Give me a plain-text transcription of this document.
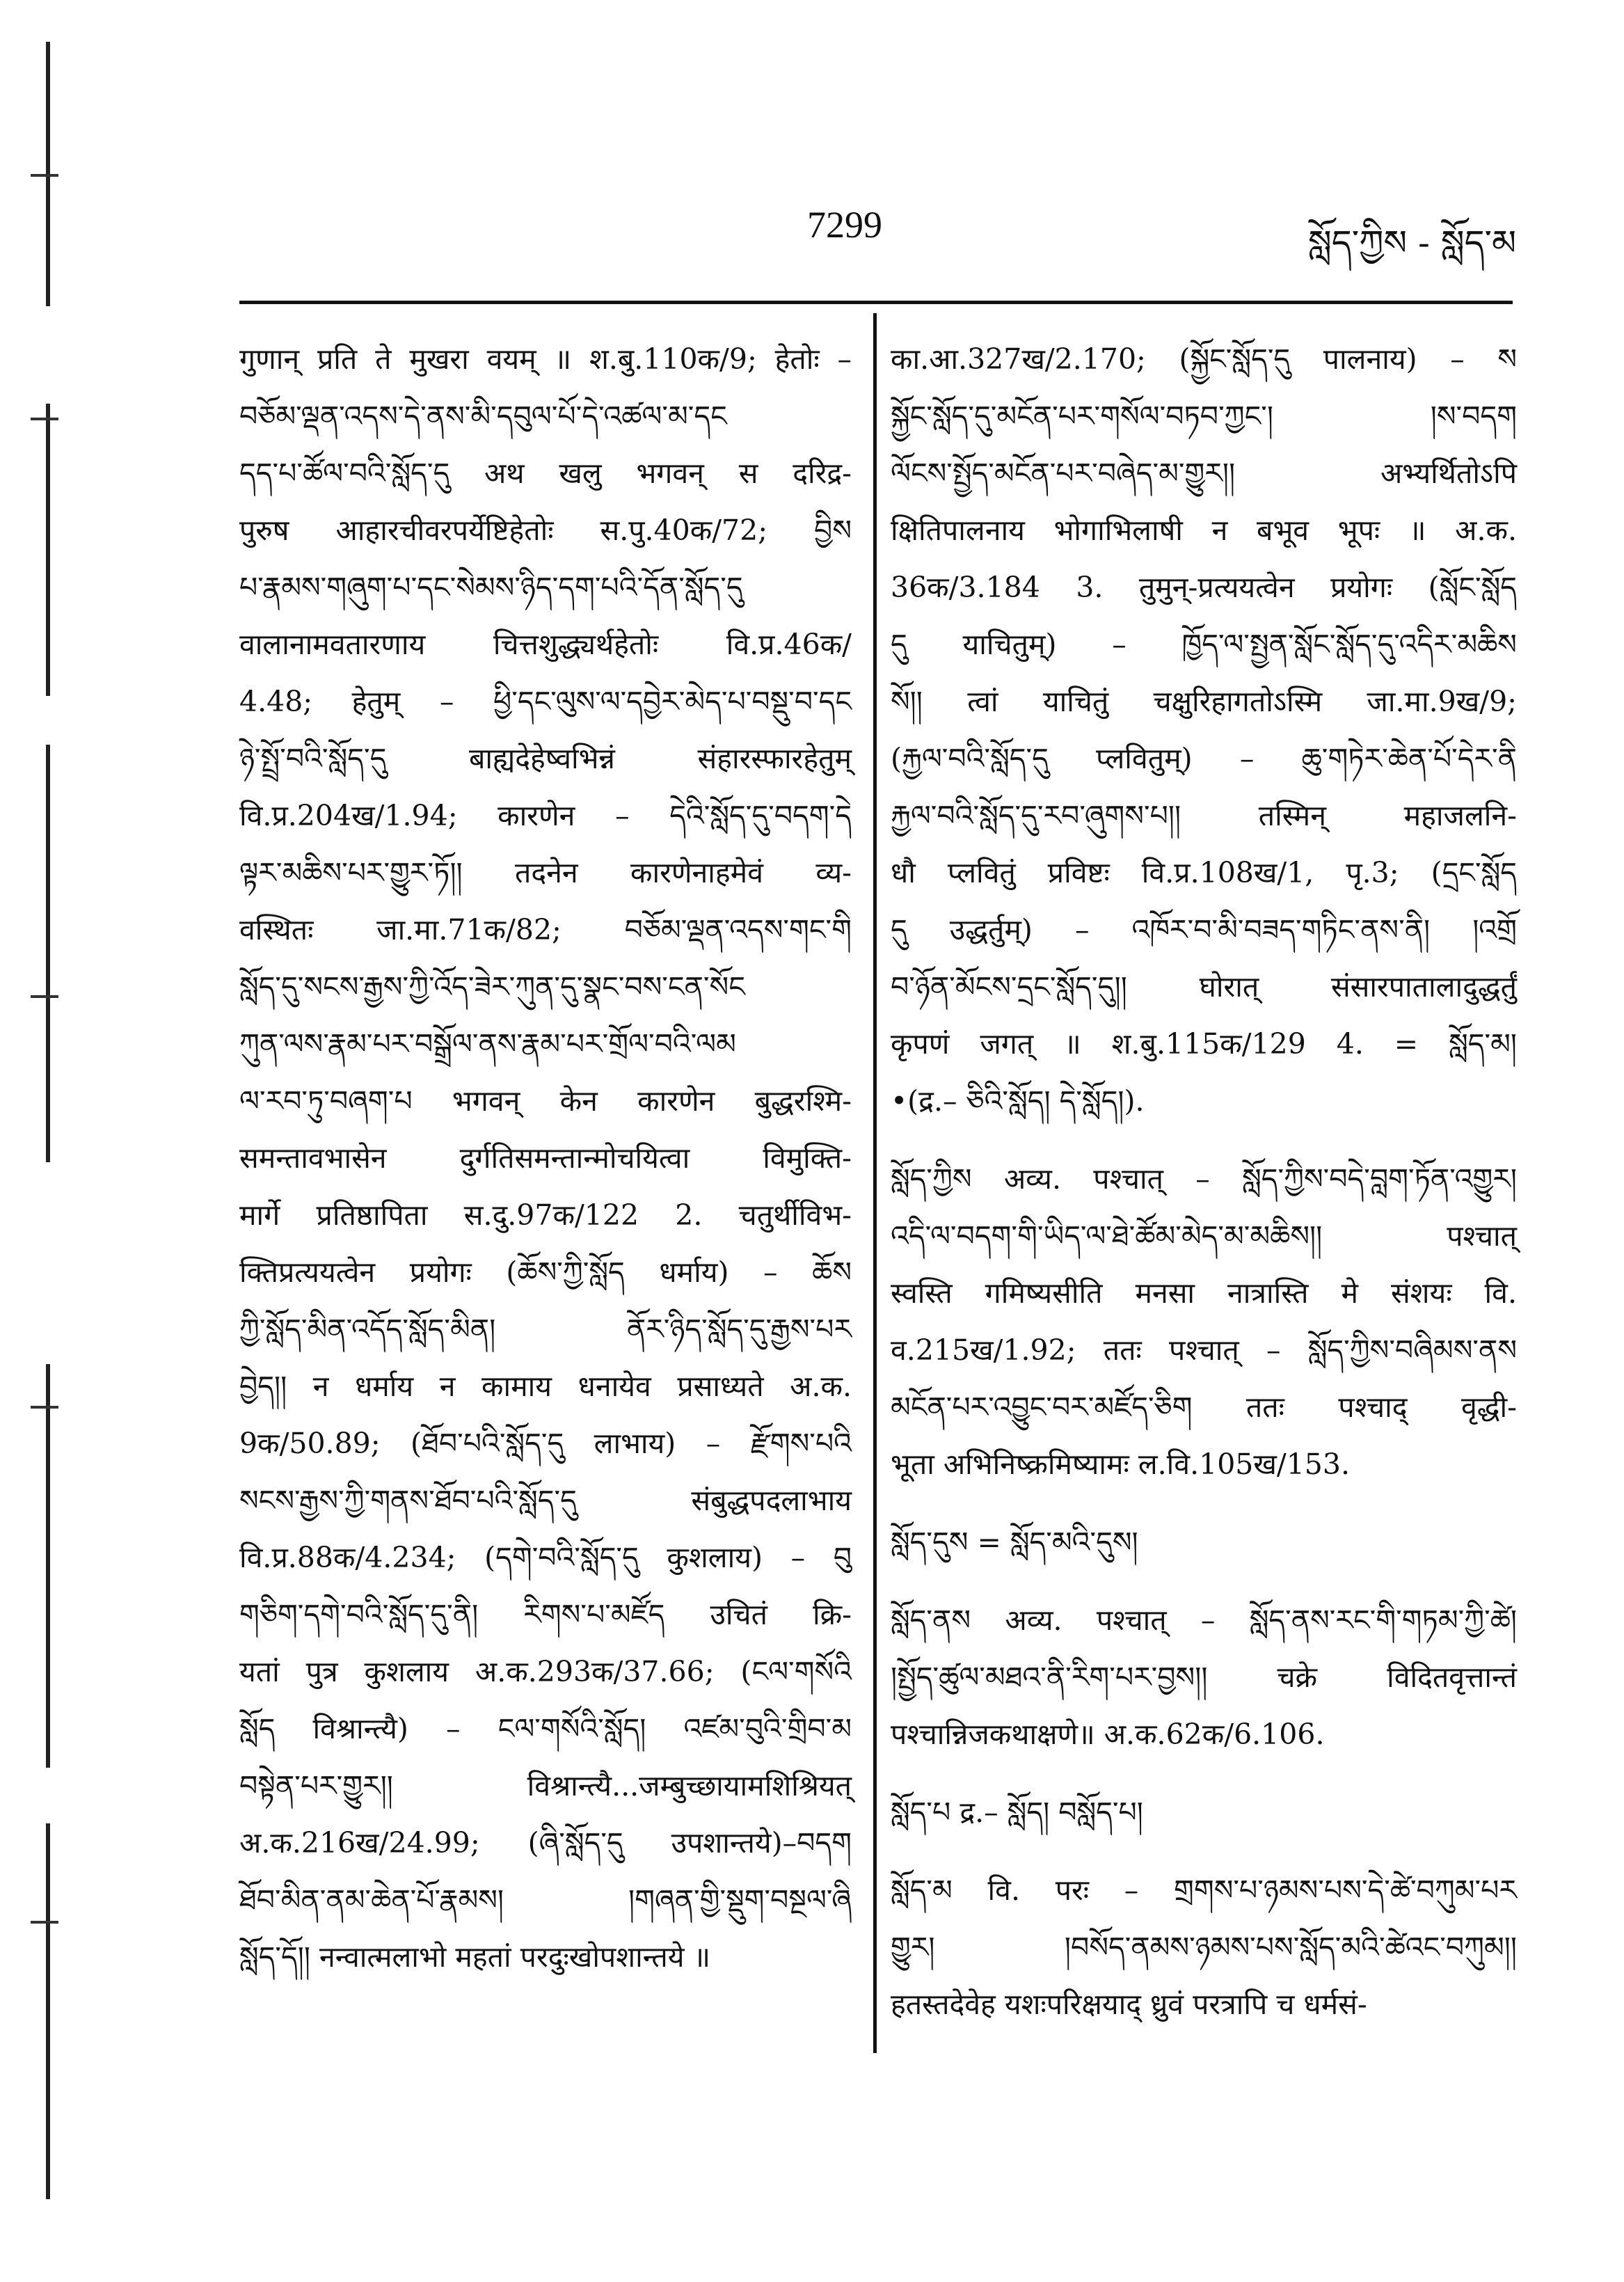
7299	སློད་ཀྱིས - སློད་མ
गुणान् प्रति ते मुखरा वयम् ॥ श.बु.110क/9; हेतोः –
བཅོམ་ལྡན་འདས་དེ་ནས་མི་དབུལ་པོ་དེ་འཚལ་མ་དང
དད་པ་ཚོལ་བའི་སློད་དུ अथ खलु भगवन् स दरिद्र-
पुरुष आहारचीवरपर्येष्टिहेतोः स.पु.40क/72; བྱིས
པ་རྣམས་གཞུག་པ་དང་སེམས་ཉིད་དག་པའི་དོན་སློད་དུ
वालानामवतारणाय चित्तशुद्ध्यर्थहेतोः वि.प्र.46क/
4.48; हेतुम् – ཕྱི་དང་ལུས་ལ་དབྱེར་མེད་པ་བསྡུ་བ་དང
ཉེ་སྤྲོ་བའི་སློད་དུ बाह्यदेहेष्वभिन्नं संहारस्फारहेतुम्
वि.प्र.204ख/1.94; कारणेन – དེའི་སློད་དུ་བདག་དེ
ལྟར་མཆིས་པར་གྱུར་ཏོ།། तदनेन कारणेनाहमेवं व्य-
वस्थितः जा.मा.71क/82; བཅོམ་ལྡན་འདས་གང་གི
སློད་དུ་སངས་རྒྱས་ཀྱི་འོད་ཟེར་ཀུན་དུ་སྣང་བས་ངན་སོང
ཀུན་ལས་རྣམ་པར་བསྒྲོལ་ནས་རྣམ་པར་གྲོལ་བའི་ལམ
ལ་རབ་ཏུ་བཞག་པ भगवन् केन कारणेन बुद्धरश्मि-
समन्तावभासेन दुर्गतिसमन्तान्मोचयित्वा विमुक्ति-
मार्गे प्रतिष्ठापिता स.दु.97क/122 2. चतुर्थीविभ-
क्तिप्रत्ययत्वेन प्रयोगः (ཆོས་ཀྱི་སློད धर्माय) – ཆོས
ཀྱི་སློད་མིན་འདོད་སློད་མིན། ནོར་ཉིད་སློད་དུ་རྒྱས་པར
བྱེད།། न धर्माय न कामाय धनायेव प्रसाध्यते अ.क.
9क/50.89; (ཐོབ་པའི་སློད་དུ लाभाय) – རྫོགས་པའི
སངས་རྒྱས་ཀྱི་གནས་ཐོབ་པའི་སློད་དུ संबुद्धपदलाभाय
वि.प्र.88क/4.234; (དགེ་བའི་སློད་དུ कुशलाय) – བུ
གཅིག་དགེ་བའི་སློད་དུ་ནི། རིགས་པ་མཛོད उचितं क्रि-
यतां पुत्र कुशलाय अ.क.293क/37.66; (ངལ་གསོའི
སློད विश्रान्त्यै) – ངལ་གསོའི་སློད། འཛམ་བུའི་གྲིབ་མ
བསྟེན་པར་གྱུར།། विश्रान्त्यै...जम्बुच्छायामशिश्रियत्
अ.क.216ख/24.99; (ཞི་སློད་དུ उपशान्तये)–བདག
ཐོབ་མིན་ནམ་ཆེན་པོ་རྣམས། །གཞན་གྱི་སྡུག་བསྔལ་ཞི
སློད་དོ།། नन्वात्मलाभो महतां परदुःखोपशान्तये ॥
का.आ.327ख/2.170; (སྐྱོང་སློད་དུ पालनाय) – ས
སྐྱོང་སློད་དུ་མངོན་པར་གསོལ་བཏབ་ཀྱང་། །ས་བདག
ལོངས་སྤྱོད་མངོན་པར་བཞེད་མ་གྱུར།། अभ्यर्थितोऽपि
क्षितिपालनाय भोगाभिलाषी न बभूव भूपः ॥ अ.क.
36क/3.184 3. तुमुन्-प्रत्ययत्वेन प्रयोगः (སློང་སློད
དུ याचितुम्) – ཁྱོད་ལ་སྤྱན་སློང་སློད་དུ་འདིར་མཆིས
སོ།། त्वां याचितुं चक्षुरिहागतोऽस्मि जा.मा.9ख/9;
(རྐྱལ་བའི་སློད་དུ प्लवितुम्) – ཆུ་གཏེར་ཆེན་པོ་དེར་ནི
རྐྱལ་བའི་སློད་དུ་རབ་ཞུགས་པ།། तस्मिन् महाजलनि-
धौ प्लवितुं प्रविष्टः वि.प्र.108ख/1, पृ.3; (དྲང་སློད
དུ उद्धर्तुम्) – འཁོར་བ་མི་བཟད་གཏིང་ནས་ནི། །འགྲོ
བ་ཉོན་མོངས་དྲང་སློད་དུ།། घोरात् संसारपातालादुद्धर्तुं
कृपणं जगत् ॥ श.बु.115क/129 4. = སློད་མ།
•(द्र.– ཅིའི་སློད། དེ་སློད།).
སློད་ཀྱིས अव्य. पश्चात् – སློད་ཀྱིས་བདེ་བླག་ཏོན་འགྱུར།
འདི་ལ་བདག་གི་ཡིད་ལ་ཐེ་ཚོམ་མེད་མ་མཆིས།། पश्चात्
स्वस्ति गमिष्यसीति मनसा नात्रास्ति मे संशयः वि.
व.215ख/1.92; ततः पश्चात् – སློད་ཀྱིས་བཞིམས་ནས
མངོན་པར་འབྱུང་བར་མཛོད་ཅིག ततः पश्चाद् वृद्धी-
भूता अभिनिष्क्रमिष्यामः ल.वि.105ख/153.
སློད་དུས = སློད་མའི་དུས།
སློད་ནས अव्य. पश्चात् – སློད་ནས་རང་གི་གཏམ་ཀྱི་ཚེ།
།སྤྱོད་ཚུལ་མཐའ་ནི་རིག་པར་བྱས།། चक्रे विदितवृत्तान्तं
पश्चान्निजकथाक्षणे॥ अ.क.62क/6.106.
སློད་པ द्र.– སློད། བསློད་པ།
སློད་མ वि. परः – གྲགས་པ་ཉམས་པས་དེ་ཚེ་བཀུམ་པར
གྱུར། །བསོད་ནམས་ཉམས་པས་སློད་མའི་ཚེའང་བཀུམ།།
हतस्तदेवेह यशःपरिक्षयाद् ध्रुवं परत्रापि च धर्मसं-
